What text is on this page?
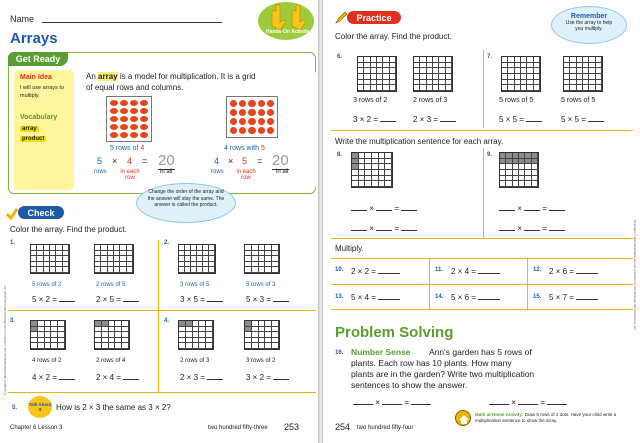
Name
Arrays	Hands-On Activity
Get Ready
Main Idea
I will use arrays to multiply.
Vocabulary
array
product
An array is a model for multiplication. It is a grid
of equal rows and columns.
5 rows of 4	4 rows with 5
5 × 4 = 20
rows	in each row
in all
4 × 5 = 20
rows	in each row
in all
Change the order of the array and the answer will stay the same. The answer is called the product.
Check
Color the array. Find the product.
1.
5 rows of 2	2 rows of 5
5 × 2 =	2 × 5 =
2.
3 rows of 5	5 rows of 3
3 × 5 =	5 × 3 =
3.
4 rows of 2	2 rows of 4
4 × 2 =	2 × 4 =
4.
2 rows of 3	3 rows of 2
2 × 3 =	3 × 2 =
5.
Talk About It	How is 2 × 3 the same as 3 × 2?
Chapter 6 Lesson 3	two hundred fifty-three 253
Copyright © Macmillan/McGraw-Hill, a division of The McGraw-Hill Companies, Inc.
Practice
Color the array. Find the product.
Remember
Use the array to help you multiply.
6.
3 rows of 2	2 rows of 3
3 × 2 =	2 × 3 =
7.
5 rows of 5	5 rows of 5
5 × 5 =	5 × 5 =
Write the multiplication sentence for each array.
8.
×	=
×	=
9.
×	=
×	=
Multiply.
10. 2 × 2 =	11. 2 × 4 =	12. 2 × 6 =
13. 5 × 4 =	14. 5 × 6 =	15. 5 × 7 =
Problem Solving
16. Number Sense Ann's garden has 5 rows of
plants. Each row has 10 plants. How many
plants are in the garden? Write two multiplication
sentences to show the answer.
×	=	×	=
254 two hundred fifty-four
Math at Home Activity: Draw 5 rows of 2 dots. Have your child write a multiplication sentence to show the array.
Copyright © Macmillan/McGraw-Hill, a division of The McGraw-Hill Companies, Inc.
